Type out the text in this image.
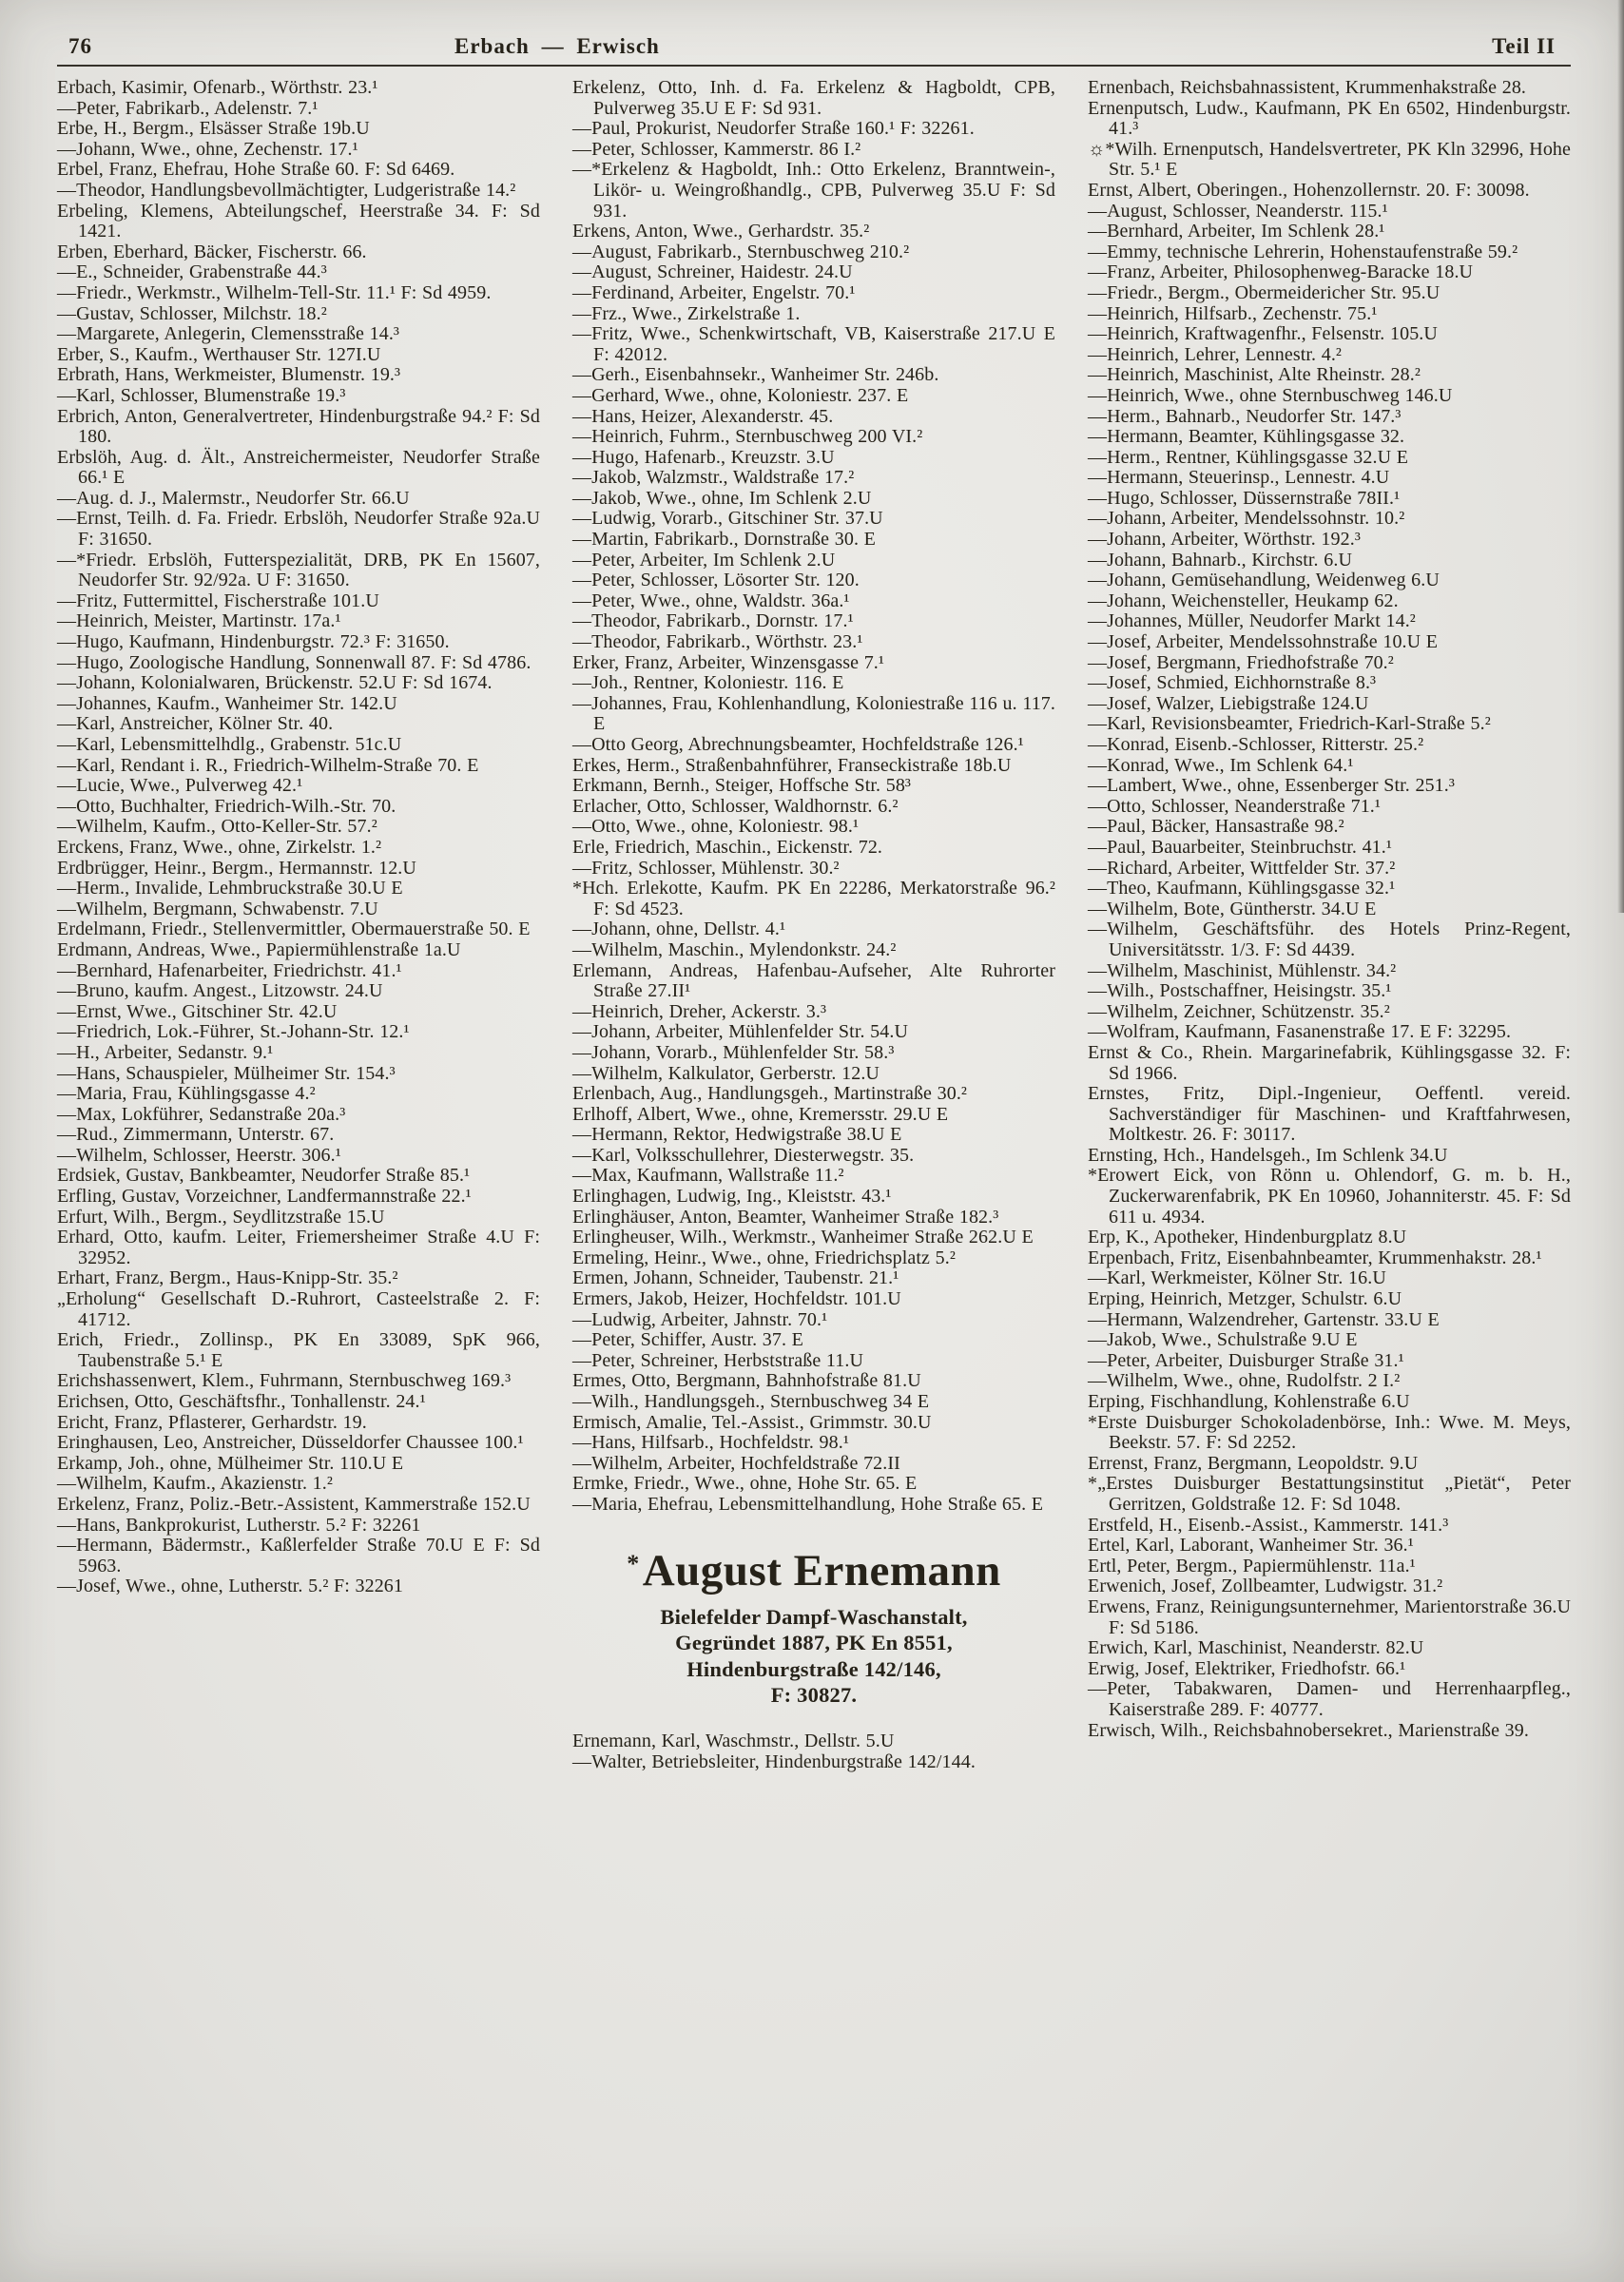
76	Erbach — Erwisch	Teil II

Erbach, Kasimir, Ofenarb., Wörthstr. 23.¹

—Peter, Fabrikarb., Adelenstr. 7.¹

Erbe, H., Bergm., Elsässer Straße 19b.U

—Johann, Wwe., ohne, Zechenstr. 17.¹

Erbel, Franz, Ehefrau, Hohe Straße 60. F: Sd 6469.

—Theodor, Handlungsbevollmächtigter, Ludgeristraße 14.²

Erbeling, Klemens, Abteilungschef, Heerstraße 34. F: Sd 1421.

Erben, Eberhard, Bäcker, Fischerstr. 66.

—E., Schneider, Grabenstraße 44.³

—Friedr., Werkmstr., Wilhelm-Tell-Str. 11.¹ F: Sd 4959.

—Gustav, Schlosser, Milchstr. 18.²

—Margarete, Anlegerin, Clemensstraße 14.³

Erber, S., Kaufm., Werthauser Str. 127I.U

Erbrath, Hans, Werkmeister, Blumenstr. 19.³

—Karl, Schlosser, Blumenstraße 19.³

Erbrich, Anton, Generalvertreter, Hindenburgstraße 94.² F: Sd 180.

Erbslöh, Aug. d. Ält., Anstreichermeister, Neudorfer Straße 66.¹ E

—Aug. d. J., Malermstr., Neudorfer Str. 66.U

—Ernst, Teilh. d. Fa. Friedr. Erbslöh, Neudorfer Straße 92a.U F: 31650.

—*Friedr. Erbslöh, Futterspezialität, DRB, PK En 15607, Neudorfer Str. 92/92a. U F: 31650.

—Fritz, Futtermittel, Fischerstraße 101.U

—Heinrich, Meister, Martinstr. 17a.¹

—Hugo, Kaufmann, Hindenburgstr. 72.³ F: 31650.

—Hugo, Zoologische Handlung, Sonnenwall 87. F: Sd 4786.

—Johann, Kolonialwaren, Brückenstr. 52.U F: Sd 1674.

—Johannes, Kaufm., Wanheimer Str. 142.U

—Karl, Anstreicher, Kölner Str. 40.

—Karl, Lebensmittelhdlg., Grabenstr. 51c.U

—Karl, Rendant i. R., Friedrich-Wilhelm-Straße 70. E

—Lucie, Wwe., Pulverweg 42.¹

—Otto, Buchhalter, Friedrich-Wilh.-Str. 70.

—Wilhelm, Kaufm., Otto-Keller-Str. 57.²

Erckens, Franz, Wwe., ohne, Zirkelstr. 1.²

Erdbrügger, Heinr., Bergm., Hermannstr. 12.U

—Herm., Invalide, Lehmbruckstraße 30.U E

—Wilhelm, Bergmann, Schwabenstr. 7.U

Erdelmann, Friedr., Stellenvermittler, Obermauerstraße 50. E

Erdmann, Andreas, Wwe., Papiermühlenstraße 1a.U

—Bernhard, Hafenarbeiter, Friedrichstr. 41.¹

—Bruno, kaufm. Angest., Litzowstr. 24.U

—Ernst, Wwe., Gitschiner Str. 42.U

—Friedrich, Lok.-Führer, St.-Johann-Str. 12.¹

—H., Arbeiter, Sedanstr. 9.¹

—Hans, Schauspieler, Mülheimer Str. 154.³

—Maria, Frau, Kühlingsgasse 4.²

—Max, Lokführer, Sedanstraße 20a.³

—Rud., Zimmermann, Unterstr. 67.

—Wilhelm, Schlosser, Heerstr. 306.¹

Erdsiek, Gustav, Bankbeamter, Neudorfer Straße 85.¹

Erfling, Gustav, Vorzeichner, Landfermannstraße 22.¹

Erfurt, Wilh., Bergm., Seydlitzstraße 15.U

Erhard, Otto, kaufm. Leiter, Friemersheimer Straße 4.U F: 32952.

Erhart, Franz, Bergm., Haus-Knipp-Str. 35.²

„Erholung“ Gesellschaft D.-Ruhrort, Casteelstraße 2. F: 41712.

Erich, Friedr., Zollinsp., PK En 33089, SpK 966, Taubenstraße 5.¹ E

Erichshassenwert, Klem., Fuhrmann, Sternbuschweg 169.³

Erichsen, Otto, Geschäftsfhr., Tonhallenstr. 24.¹

Ericht, Franz, Pflasterer, Gerhardstr. 19.

Eringhausen, Leo, Anstreicher, Düsseldorfer Chaussee 100.¹

Erkamp, Joh., ohne, Mülheimer Str. 110.U E

—Wilhelm, Kaufm., Akazienstr. 1.²

Erkelenz, Franz, Poliz.-Betr.-Assistent, Kammerstraße 152.U

—Hans, Bankprokurist, Lutherstr. 5.² F: 32261

—Hermann, Bädermstr., Kaßlerfelder Straße 70.U E F: Sd 5963.

—Josef, Wwe., ohne, Lutherstr. 5.² F: 32261

Erkelenz, Otto, Inh. d. Fa. Erkelenz & Hagboldt, CPB, Pulverweg 35.U E F: Sd 931.

—Paul, Prokurist, Neudorfer Straße 160.¹ F: 32261.

—Peter, Schlosser, Kammerstr. 86 I.²

—*Erkelenz & Hagboldt, Inh.: Otto Erkelenz, Branntwein-, Likör- u. Weingroßhandlg., CPB, Pulverweg 35.U F: Sd 931.

Erkens, Anton, Wwe., Gerhardstr. 35.²

—August, Fabrikarb., Sternbuschweg 210.²

—August, Schreiner, Haidestr. 24.U

—Ferdinand, Arbeiter, Engelstr. 70.¹

—Frz., Wwe., Zirkelstraße 1.

—Fritz, Wwe., Schenkwirtschaft, VB, Kaiserstraße 217.U E F: 42012.

—Gerh., Eisenbahnsekr., Wanheimer Str. 246b.

—Gerhard, Wwe., ohne, Koloniestr. 237. E

—Hans, Heizer, Alexanderstr. 45.

—Heinrich, Fuhrm., Sternbuschweg 200 VI.²

—Hugo, Hafenarb., Kreuzstr. 3.U

—Jakob, Walzmstr., Waldstraße 17.²

—Jakob, Wwe., ohne, Im Schlenk 2.U

—Ludwig, Vorarb., Gitschiner Str. 37.U

—Martin, Fabrikarb., Dornstraße 30. E

—Peter, Arbeiter, Im Schlenk 2.U

—Peter, Schlosser, Lösorter Str. 120.

—Peter, Wwe., ohne, Waldstr. 36a.¹

—Theodor, Fabrikarb., Dornstr. 17.¹

—Theodor, Fabrikarb., Wörthstr. 23.¹

Erker, Franz, Arbeiter, Winzensgasse 7.¹

—Joh., Rentner, Koloniestr. 116. E

—Johannes, Frau, Kohlenhandlung, Koloniestraße 116 u. 117. E

—Otto Georg, Abrechnungsbeamter, Hochfeldstraße 126.¹

Erkes, Herm., Straßenbahnführer, Franseckistraße 18b.U

Erkmann, Bernh., Steiger, Hoffsche Str. 58³

Erlacher, Otto, Schlosser, Waldhornstr. 6.²

—Otto, Wwe., ohne, Koloniestr. 98.¹

Erle, Friedrich, Maschin., Eickenstr. 72.

—Fritz, Schlosser, Mühlenstr. 30.²

*Hch. Erlekotte, Kaufm. PK En 22286, Merkatorstraße 96.² F: Sd 4523.

—Johann, ohne, Dellstr. 4.¹

—Wilhelm, Maschin., Mylendonkstr. 24.²

Erlemann, Andreas, Hafenbau-Aufseher, Alte Ruhrorter Straße 27.II¹

—Heinrich, Dreher, Ackerstr. 3.³

—Johann, Arbeiter, Mühlenfelder Str. 54.U

—Johann, Vorarb., Mühlenfelder Str. 58.³

—Wilhelm, Kalkulator, Gerberstr. 12.U

Erlenbach, Aug., Handlungsgeh., Martinstraße 30.²

Erlhoff, Albert, Wwe., ohne, Kremersstr. 29.U E

—Hermann, Rektor, Hedwigstraße 38.U E

—Karl, Volksschullehrer, Diesterwegstr. 35.

—Max, Kaufmann, Wallstraße 11.²

Erlinghagen, Ludwig, Ing., Kleiststr. 43.¹

Erlinghäuser, Anton, Beamter, Wanheimer Straße 182.³

Erlingheuser, Wilh., Werkmstr., Wanheimer Straße 262.U E

Ermeling, Heinr., Wwe., ohne, Friedrichsplatz 5.²

Ermen, Johann, Schneider, Taubenstr. 21.¹

Ermers, Jakob, Heizer, Hochfeldstr. 101.U

—Ludwig, Arbeiter, Jahnstr. 70.¹

—Peter, Schiffer, Austr. 37. E

—Peter, Schreiner, Herbststraße 11.U

Ermes, Otto, Bergmann, Bahnhofstraße 81.U

—Wilh., Handlungsgeh., Sternbuschweg 34 E

Ermisch, Amalie, Tel.-Assist., Grimmstr. 30.U

—Hans, Hilfsarb., Hochfeldstr. 98.¹

—Wilhelm, Arbeiter, Hochfeldstraße 72.II

Ermke, Friedr., Wwe., ohne, Hohe Str. 65. E

—Maria, Ehefrau, Lebensmittelhandlung, Hohe Straße 65. E

*August Ernemann
Bielefelder Dampf-Waschanstalt,
Gegründet 1887, PK En 8551,
Hindenburgstraße 142/146,
F: 30827.

Ernemann, Karl, Waschmstr., Dellstr. 5.U

—Walter, Betriebsleiter, Hindenburgstraße 142/144.

Ernenbach, Reichsbahnassistent, Krummenhakstraße 28.

Ernenputsch, Ludw., Kaufmann, PK En 6502, Hindenburgstr. 41.³

☼*Wilh. Ernenputsch, Handelsvertreter, PK Kln 32996, Hohe Str. 5.¹ E

Ernst, Albert, Oberingen., Hohenzollernstr. 20. F: 30098.

—August, Schlosser, Neanderstr. 115.¹

—Bernhard, Arbeiter, Im Schlenk 28.¹

—Emmy, technische Lehrerin, Hohenstaufenstraße 59.²

—Franz, Arbeiter, Philosophenweg-Baracke 18.U

—Friedr., Bergm., Obermeidericher Str. 95.U

—Heinrich, Hilfsarb., Zechenstr. 75.¹

—Heinrich, Kraftwagenfhr., Felsenstr. 105.U

—Heinrich, Lehrer, Lennestr. 4.²

—Heinrich, Maschinist, Alte Rheinstr. 28.²

—Heinrich, Wwe., ohne Sternbuschweg 146.U

—Herm., Bahnarb., Neudorfer Str. 147.³

—Hermann, Beamter, Kühlingsgasse 32.

—Herm., Rentner, Kühlingsgasse 32.U E

—Hermann, Steuerinsp., Lennestr. 4.U

—Hugo, Schlosser, Düssernstraße 78II.¹

—Johann, Arbeiter, Mendelssohnstr. 10.²

—Johann, Arbeiter, Wörthstr. 192.³

—Johann, Bahnarb., Kirchstr. 6.U

—Johann, Gemüsehandlung, Weidenweg 6.U

—Johann, Weichensteller, Heukamp 62.

—Johannes, Müller, Neudorfer Markt 14.²

—Josef, Arbeiter, Mendelssohnstraße 10.U E

—Josef, Bergmann, Friedhofstraße 70.²

—Josef, Schmied, Eichhornstraße 8.³

—Josef, Walzer, Liebigstraße 124.U

—Karl, Revisionsbeamter, Friedrich-Karl-Straße 5.²

—Konrad, Eisenb.-Schlosser, Ritterstr. 25.²

—Konrad, Wwe., Im Schlenk 64.¹

—Lambert, Wwe., ohne, Essenberger Str. 251.³

—Otto, Schlosser, Neanderstraße 71.¹

—Paul, Bäcker, Hansastraße 98.²

—Paul, Bauarbeiter, Steinbruchstr. 41.¹

—Richard, Arbeiter, Wittfelder Str. 37.²

—Theo, Kaufmann, Kühlingsgasse 32.¹

—Wilhelm, Bote, Güntherstr. 34.U E

—Wilhelm, Geschäftsführ. des Hotels Prinz-Regent, Universitätsstr. 1/3. F: Sd 4439.

—Wilhelm, Maschinist, Mühlenstr. 34.²

—Wilh., Postschaffner, Heisingstr. 35.¹

—Wilhelm, Zeichner, Schützenstr. 35.²

—Wolfram, Kaufmann, Fasanenstraße 17. E F: 32295.

Ernst & Co., Rhein. Margarinefabrik, Kühlingsgasse 32. F: Sd 1966.

Ernstes, Fritz, Dipl.-Ingenieur, Oeffentl. vereid. Sachverständiger für Maschinen- und Kraftfahrwesen, Moltkestr. 26. F: 30117.

Ernsting, Hch., Handelsgeh., Im Schlenk 34.U

*Erowert Eick, von Rönn u. Ohlendorf, G. m. b. H., Zuckerwarenfabrik, PK En 10960, Johanniterstr. 45. F: Sd 611 u. 4934.

Erp, K., Apotheker, Hindenburgplatz 8.U

Erpenbach, Fritz, Eisenbahnbeamter, Krummenhakstr. 28.¹

—Karl, Werkmeister, Kölner Str. 16.U

Erping, Heinrich, Metzger, Schulstr. 6.U

—Hermann, Walzendreher, Gartenstr. 33.U E

—Jakob, Wwe., Schulstraße 9.U E

—Peter, Arbeiter, Duisburger Straße 31.¹

—Wilhelm, Wwe., ohne, Rudolfstr. 2 I.²

Erping, Fischhandlung, Kohlenstraße 6.U

*Erste Duisburger Schokoladenbörse, Inh.: Wwe. M. Meys, Beekstr. 57. F: Sd 2252.

Errenst, Franz, Bergmann, Leopoldstr. 9.U

*„Erstes Duisburger Bestattungsinstitut „Pietät“, Peter Gerritzen, Goldstraße 12. F: Sd 1048.

Erstfeld, H., Eisenb.-Assist., Kammerstr. 141.³

Ertel, Karl, Laborant, Wanheimer Str. 36.¹

Ertl, Peter, Bergm., Papiermühlenstr. 11a.¹

Erwenich, Josef, Zollbeamter, Ludwigstr. 31.²

Erwens, Franz, Reinigungsunternehmer, Marientorstraße 36.U F: Sd 5186.

Erwich, Karl, Maschinist, Neanderstr. 82.U

Erwig, Josef, Elektriker, Friedhofstr. 66.¹

—Peter, Tabakwaren, Damen- und Herrenhaarpfleg., Kaiserstraße 289. F: 40777.

Erwisch, Wilh., Reichsbahnobersekret., Marienstraße 39.
